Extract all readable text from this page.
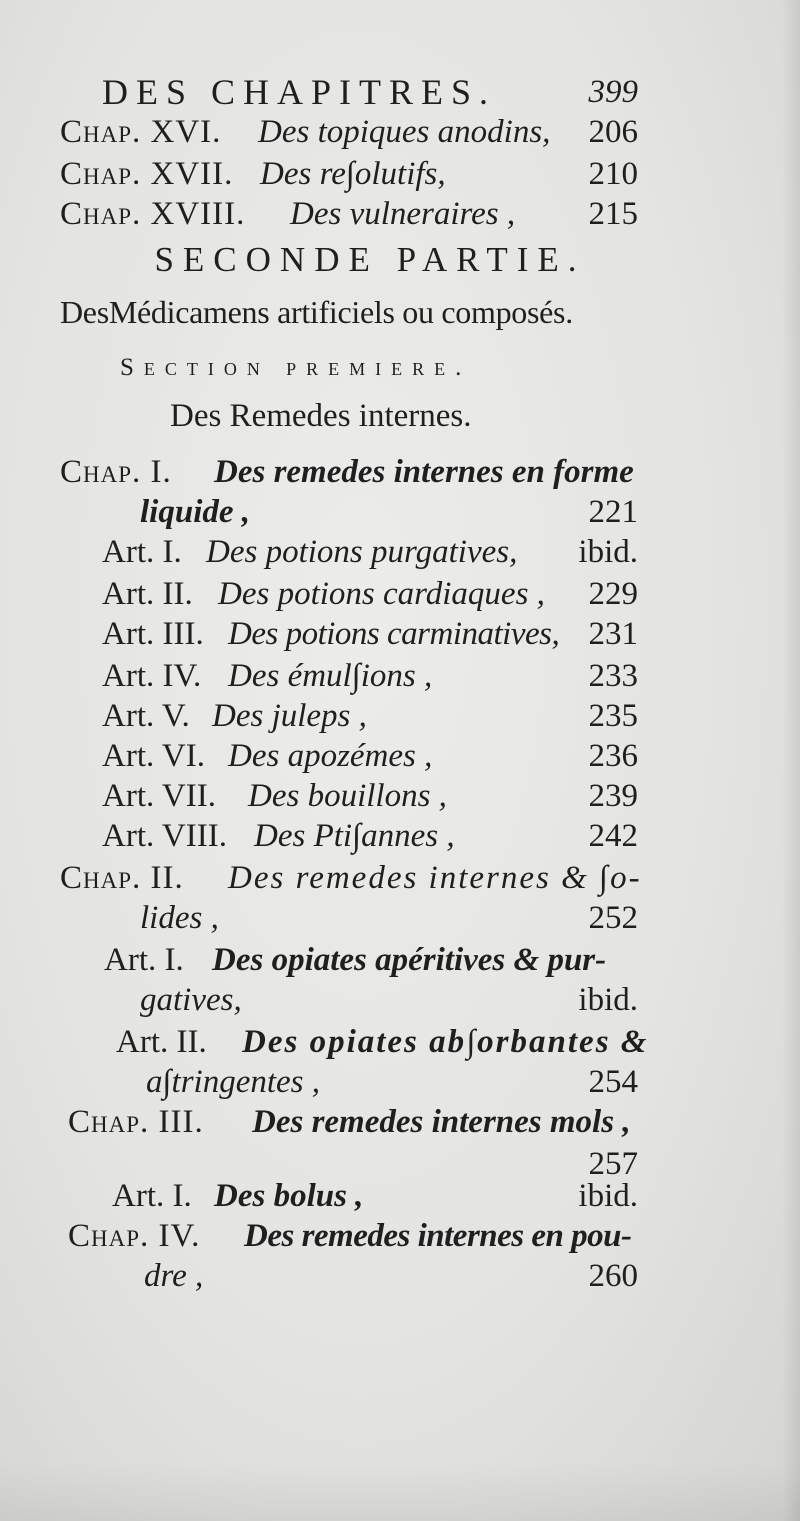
DES CHAPITRES.	399
Chap. XVI. Des topiques anodins, 206
Chap. XVII. Des re∫olutifs,	210
Chap. XVIII. Des vulneraires , 215
SECONDE PARTIE.
DesMédicamens artificiels ou composés.
Section premiere.
Des Remedes internes.
Chap. I. Des remedes internes en forme
liquide ,	221
Art. I. Des potions purgatives, ibid.
Art. II. Des potions cardiaques , 229
Art. III. Des potions carminatives, 231
Art. IV. Des émul∫ions ,	233
Art. V. Des juleps ,	235
Art. VI. Des apozémes ,	236
Art. VII. Des bouillons ,	239
Art. VIII. Des Pti∫annes ,	242
Chap. II. Des remedes internes & ∫o-
lides ,	252
Art. I. Des opiates apéritives & pur-
gatives,	ibid.
Art. II. Des opiates ab∫orbantes &
a∫tringentes ,	254
Chap. III. Des remedes internes mols ,
257
Art. I. Des bolus ,	ibid.
Chap. IV. Des remedes internes en pou-
dre ,	260
